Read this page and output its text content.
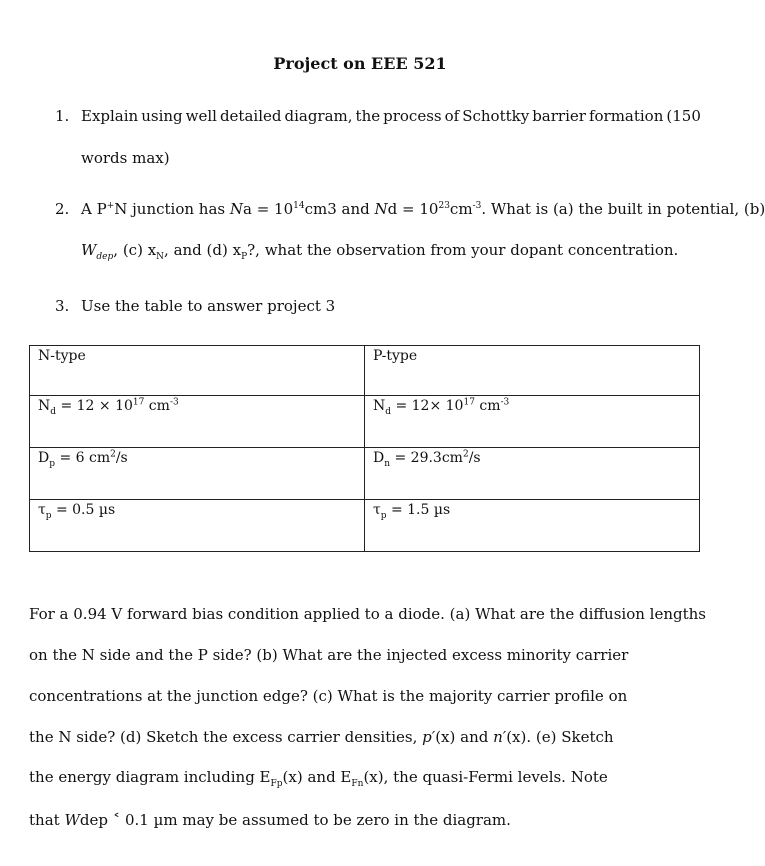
Project on EEE 521
1. Explain using well detailed diagram, the process of Schottky barrier formation (150
words max)
2. A P+N junction has $Na = 10^{14}cm3$ and $Nd = 10^{23}cm^{-3}$. What is (a) the built in potential, (b)
$W_{dep}$, (c) $x_N$, and (d) $x_P$?, what the observation from your dopant concentration.
3. Use the table to answer project 3
N-type	P-type
$N_d = 12 \times 10^{17}$ $cm^{-3}$	$N_d = 12\times 10^{17}$ $cm^{-3}$
$D_p = 6$ $cm^2/s$	$D_n = 29.3cm^2/s$
$\tau_p = 0.5$ µs	$\tau_p = 1.5$ µs
For a 0.94 V forward bias condition applied to a diode. (a) What are the diffusion lengths
on the N side and the P side? (b) What are the injected excess minority carrier
concentrations at the junction edge? (c) What is the majority carrier profile on
the N side? (d) Sketch the excess carrier densities, p′(x) and n′(x). (e) Sketch
the energy diagram including $E_{Fp}(x)$ and $E_{Fn}(x)$, the quasi-Fermi levels. Note
that Wdep ˂ 0.1 µm may be assumed to be zero in the diagram.
